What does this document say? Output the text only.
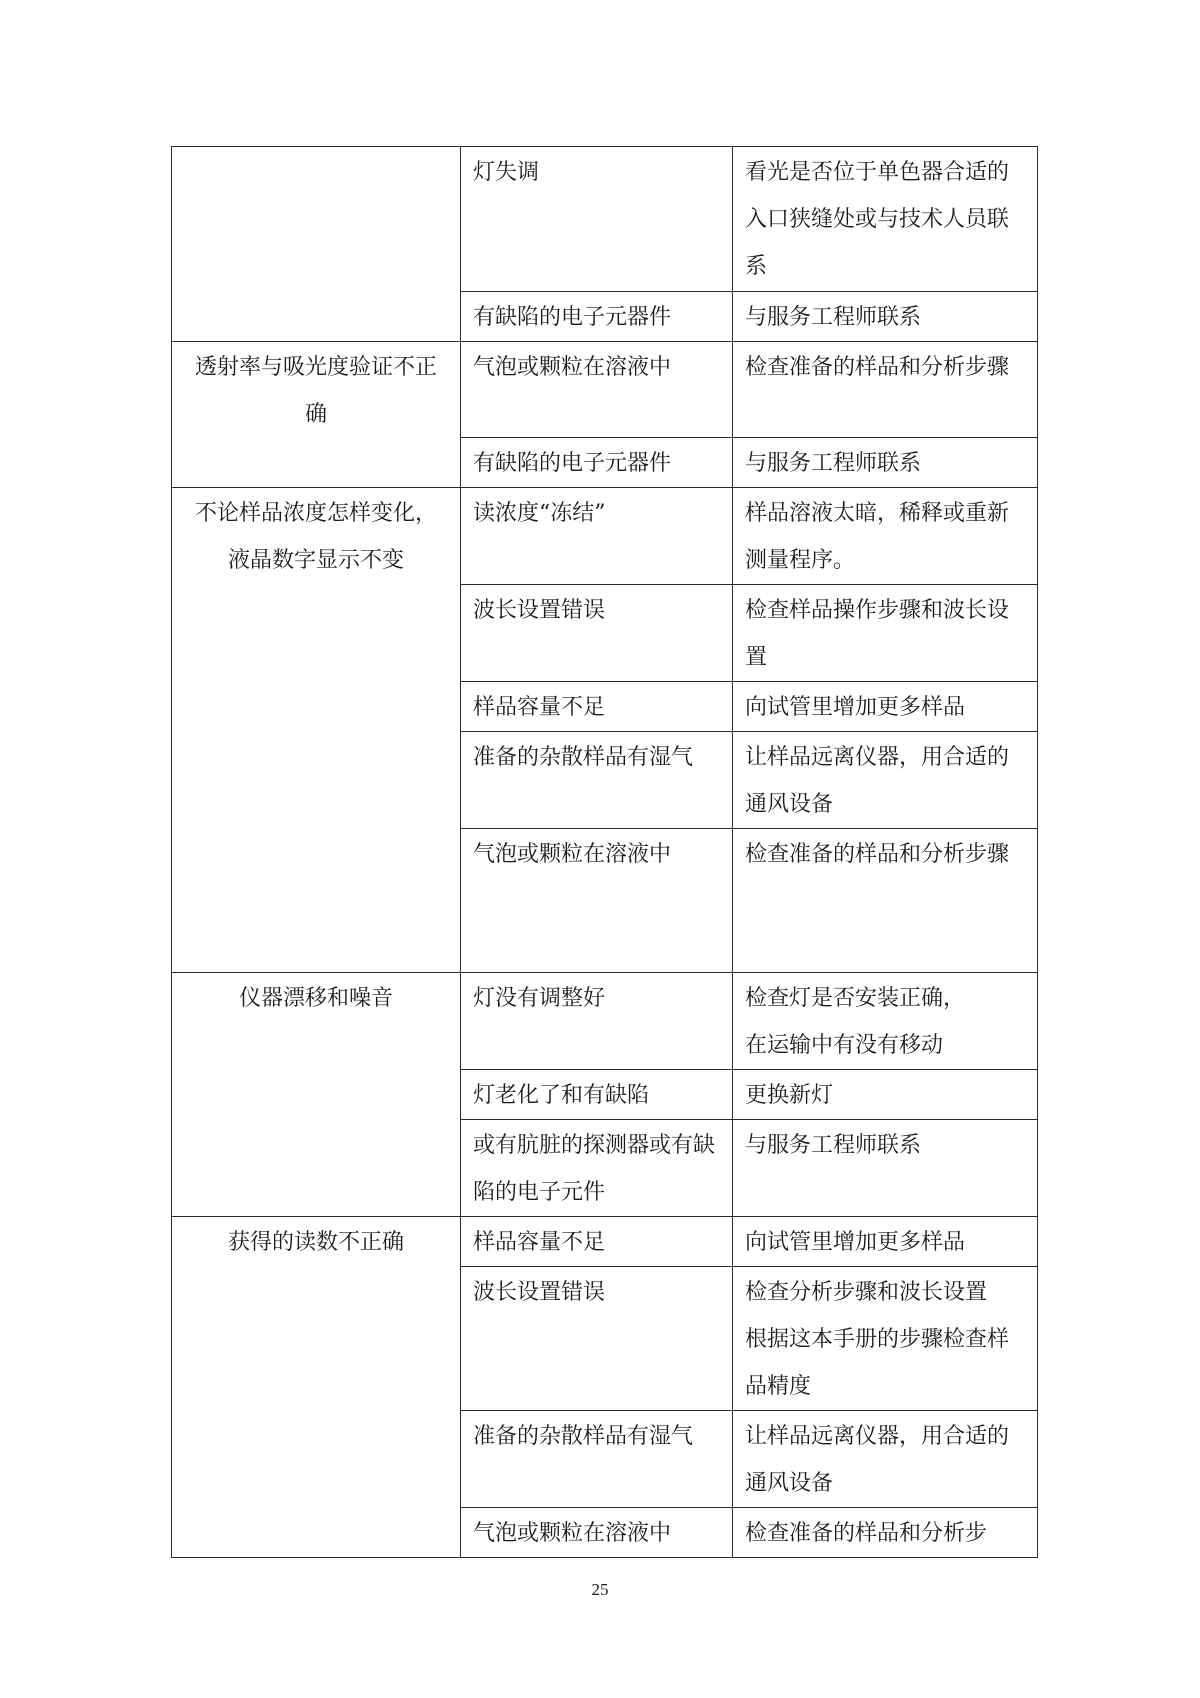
	灯失调	看光是否位于单色器合适的入口狭缝处或与技术人员联系

	有缺陷的电子元器件	与服务工程师联系

透射率与吸光度验证不正确	气泡或颗粒在溶液中	检查准备的样品和分析步骤

	有缺陷的电子元器件	与服务工程师联系

不论样品浓度怎样变化，液晶数字显示不变	读浓度“冻结”	样品溶液太暗，稀释或重新测量程序。

	波长设置错误	检查样品操作步骤和波长设置

	样品容量不足	向试管里增加更多样品

	准备的杂散样品有湿气	让样品远离仪器，用合适的通风设备

	气泡或颗粒在溶液中	检查准备的样品和分析步骤

仪器漂移和噪音	灯没有调整好	检查灯是否安装正确，
在运输中有没有移动

	灯老化了和有缺陷	更换新灯

	或有肮脏的探测器或有缺陷的电子元件	与服务工程师联系

获得的读数不正确	样品容量不足	向试管里增加更多样品

	波长设置错误	检查分析步骤和波长设置
根据这本手册的步骤检查样品精度

	准备的杂散样品有湿气	让样品远离仪器，用合适的通风设备

	气泡或颗粒在溶液中	检查准备的样品和分析步
25
